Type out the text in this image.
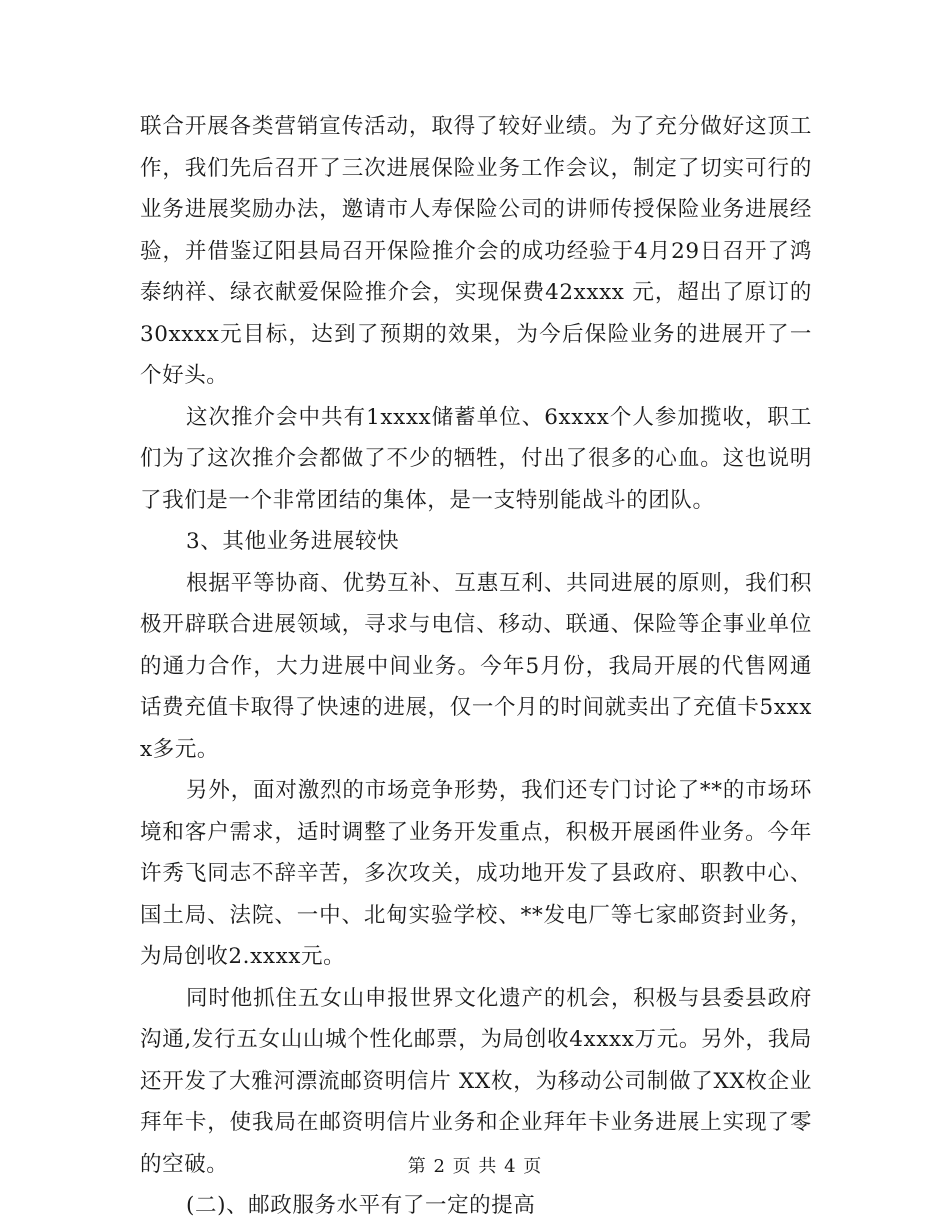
联合开展各类营销宣传活动，取得了较好业绩。为了充分做好这顶工作，我们先后召开了三次进展保险业务工作会议，制定了切实可行的业务进展奖励办法，邀请市人寿保险公司的讲师传授保险业务进展经验，并借鉴辽阳县局召开保险推介会的成功经验于4月29日召开了鸿泰纳祥、绿衣献爱保险推介会，实现保费42xxxx 元，超出了原订的30xxxx元目标，达到了预期的效果，为今后保险业务的进展开了一个好头。

这次推介会中共有1xxxx储蓄单位、6xxxx个人参加揽收，职工们为了这次推介会都做了不少的牺牲，付出了很多的心血。这也说明了我们是一个非常团结的集体，是一支特别能战斗的团队。

3、其他业务进展较快

根据平等协商、优势互补、互惠互利、共同进展的原则，我们积极开辟联合进展领域，寻求与电信、移动、联通、保险等企事业单位的通力合作，大力进展中间业务。今年5月份，我局开展的代售网通话费充值卡取得了快速的进展，仅一个月的时间就卖出了充值卡5xxxx多元。

另外，面对激烈的市场竞争形势，我们还专门讨论了**的市场环境和客户需求，适时调整了业务开发重点，积极开展函件业务。今年许秀飞同志不辞辛苦，多次攻关，成功地开发了县政府、职教中心、国土局、法院、一中、北甸实验学校、**发电厂等七家邮资封业务，为局创收2.xxxx元。

同时他抓住五女山申报世界文化遗产的机会，积极与县委县政府沟通,发行五女山山城个性化邮票，为局创收4xxxx万元。另外，我局还开发了大雅河漂流邮资明信片 XX枚，为移动公司制做了XX枚企业拜年卡，使我局在邮资明信片业务和企业拜年卡业务进展上实现了零的空破。

(二)、邮政服务水平有了一定的提高

第 2 页 共 4 页
